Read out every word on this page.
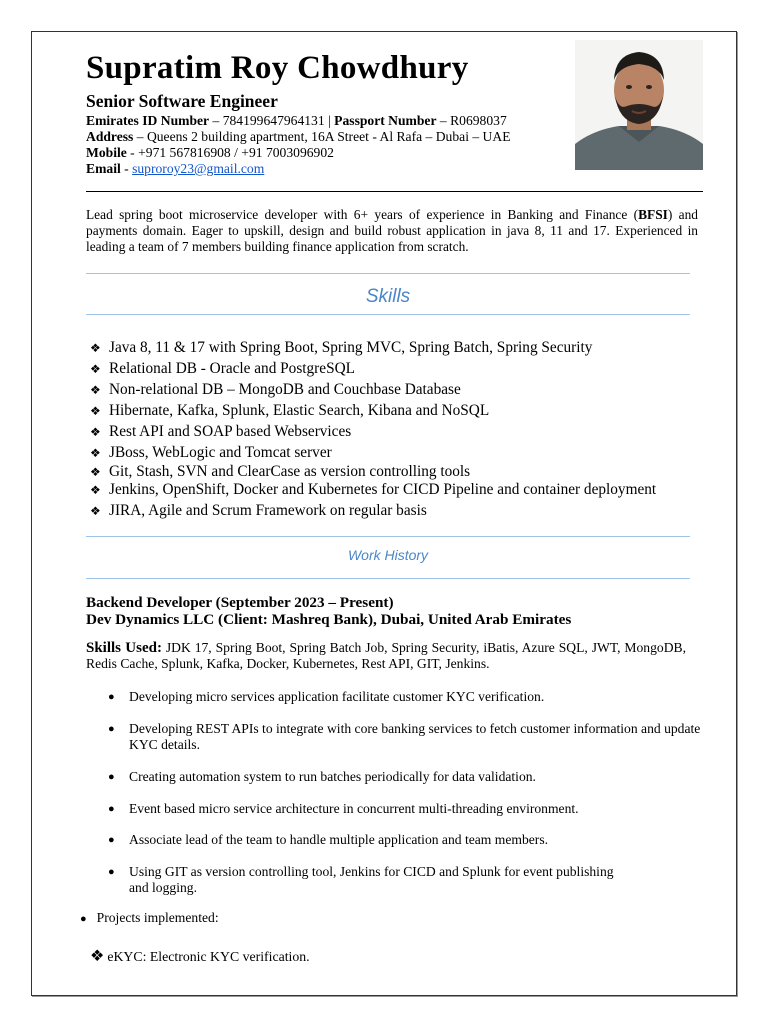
Supratim Roy Chowdhury
Senior Software Engineer
Emirates ID Number – 784199647964131 | Passport Number – R0698037
Address – Queens 2 building apartment, 16A Street - Al Rafa – Dubai – UAE
Mobile - +971 567816908 / +91 7003096902
Email - suproroy23@gmail.com
Lead spring boot microservice developer with 6+ years of experience in Banking and Finance (BFSI) and payments domain. Eager to upskill, design and build robust application in java 8, 11 and 17. Experienced in leading a team of 7 members building finance application from scratch.
Skills
❖ Java 8, 11 & 17 with Spring Boot, Spring MVC, Spring Batch, Spring Security
❖ Relational DB - Oracle and PostgreSQL
❖ Non-relational DB – MongoDB and Couchbase Database
❖ Hibernate, Kafka, Splunk, Elastic Search, Kibana and NoSQL
❖ Rest API and SOAP based Webservices
❖ JBoss, WebLogic and Tomcat server
❖ Git, Stash, SVN and ClearCase as version controlling tools
❖ Jenkins, OpenShift, Docker and Kubernetes for CICD Pipeline and container deployment
❖ JIRA, Agile and Scrum Framework on regular basis
Work History
Backend Developer (September 2023 – Present)
Dev Dynamics LLC (Client: Mashreq Bank), Dubai, United Arab Emirates
Skills Used: JDK 17, Spring Boot, Spring Batch Job, Spring Security, iBatis, Azure SQL, JWT, MongoDB, Redis Cache, Splunk, Kafka, Docker, Kubernetes, Rest API, GIT, Jenkins.
● Developing micro services application facilitate customer KYC verification.
● Developing REST APIs to integrate with core banking services to fetch customer information and update KYC details.
● Creating automation system to run batches periodically for data validation.
● Event based micro service architecture in concurrent multi-threading environment.
● Associate lead of the team to handle multiple application and team members.
● Using GIT as version controlling tool, Jenkins for CICD and Splunk for event publishing and logging.
● Projects implemented:
❖ eKYC: Electronic KYC verification.
